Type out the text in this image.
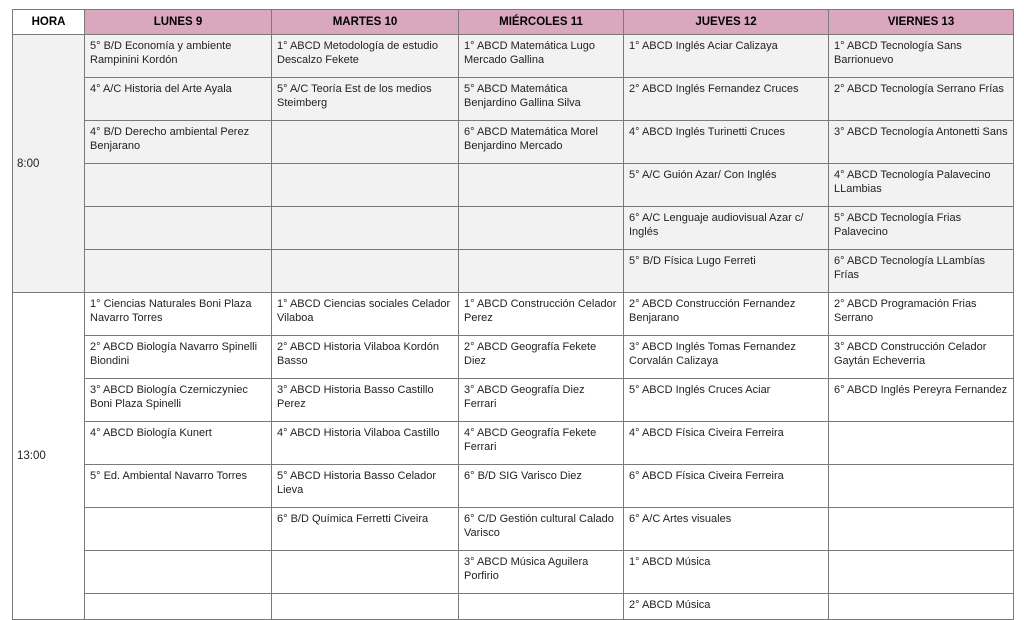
HORA	LUNES 9	MARTES 10	MIÉRCOLES 11	JUEVES 12	VIERNES 13
8:00	5° B/D Economía y ambiente Rampinini Kordón	1° ABCD Metodología de estudio Descalzo Fekete	1° ABCD Matemática Lugo Mercado Gallina	1° ABCD Inglés Aciar Calizaya	1° ABCD Tecnología Sans Barrionuevo
	4° A/C Historia del Arte Ayala	5° A/C Teoría Est de los medios Steimberg	5° ABCD Matemática Benjardino Gallina Silva	2° ABCD Inglés Fernandez Cruces	2° ABCD Tecnología Serrano Frías
	4° B/D Derecho ambiental Perez Benjarano		6° ABCD Matemática Morel Benjardino Mercado	4° ABCD Inglés Turinetti Cruces	3° ABCD Tecnología Antonetti Sans
				5° A/C Guión Azar/ Con Inglés	4° ABCD Tecnología Palavecino LLambias
				6° A/C Lenguaje audiovisual Azar c/ Inglés	5° ABCD Tecnología Frias Palavecino
				5° B/D Física Lugo Ferreti	6° ABCD Tecnología LLambías Frías
13:00	1° Ciencias Naturales Boni Plaza Navarro Torres	1° ABCD Ciencias sociales Celador Vilaboa	1° ABCD Construcción Celador Perez	2° ABCD Construcción Fernandez Benjarano	2° ABCD Programación Frias Serrano
	2° ABCD Biología Navarro Spinelli Biondini	2° ABCD Historia Vilaboa Kordón Basso	2° ABCD Geografía Fekete Diez	3° ABCD Inglés Tomas Fernandez Corvalán Calizaya	3° ABCD Construcción Celador Gaytán Echeverria
	3° ABCD Biología Czerniczyniec Boni Plaza Spinelli	3° ABCD Historia Basso Castillo Perez	3° ABCD Geografía Diez Ferrari	5° ABCD Inglés Cruces Aciar	6° ABCD Inglés Pereyra Fernandez
	4° ABCD Biología Kunert	4° ABCD Historia Vilaboa Castillo	4° ABCD Geografía Fekete Ferrari	4° ABCD Física Civeira Ferreira	
	5° Ed. Ambiental Navarro Torres	5° ABCD Historia Basso Celador Lieva	6° B/D SIG Varisco Diez	6° ABCD Física Civeira Ferreira	
		6° B/D Química Ferretti Civeira	6° C/D Gestión cultural Calado Varisco	6° A/C Artes visuales	
			3° ABCD Música Aguilera Porfirio	1° ABCD Música	
				2° ABCD Música	
